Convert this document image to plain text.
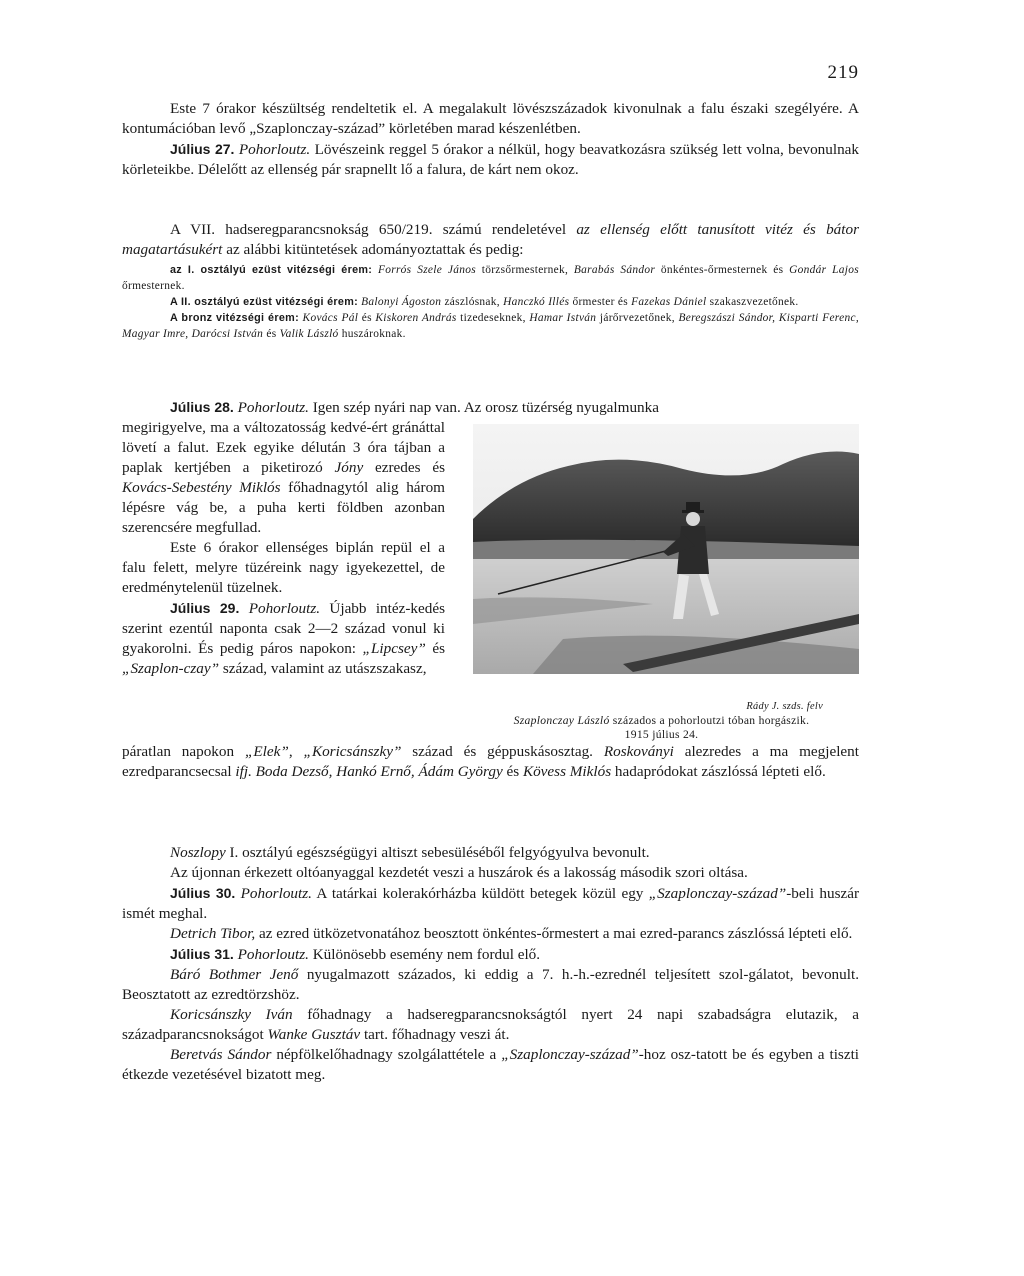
219

Este 7 órakor készültség rendeltetik el. A megalakult lövészszázadok kivonulnak a falu északi szegélyére. A kontumációban levő „Szaplonczay-század” körletében marad készenlétben.

Július 27. Pohorloutz. Lövészeink reggel 5 órakor a nélkül, hogy beavatkozásra szükség lett volna, bevonulnak körleteikbe. Délelőtt az ellenség pár srapnellt lő a falura, de kárt nem okoz.

A VII. hadseregparancsnokság 650/219. számú rendeletével az ellenség előtt tanusított vitéz és bátor magatartásukért az alábbi kitüntetések adományoztattak és pedig:

az I. osztályú ezüst vitézségi érem: Forrós Szele János törzsőrmesternek, Barabás Sándor önkéntes-őrmesternek és Gondár Lajos őrmesternek.

A II. osztályú ezüst vitézségi érem: Balonyi Ágoston zászlósnak, Hanczkó Illés őrmester és Fazekas Dániel szakaszvezetőnek.

A bronz vitézségi érem: Kovács Pál és Kiskoren András tizedeseknek, Hamar István járőrvezetőnek, Beregszászi Sándor, Kisparti Ferenc, Magyar Imre, Darócsi István és Valik László huszároknak.

Július 28. Pohorloutz. Igen szép nyári nap van. Az orosz tüzérség nyugalmunka

Rády J. szds. felv
Szaplonczay László százados a pohorloutzi tóban horgászik.
1915 július 24.

megirigyelve, ma a változatosság kedvé-ért gránáttal lövetí a falut. Ezek egyike délután 3 óra tájban a paplak kertjében a piketirozó Jóny ezredes és Kovács-Sebestény Miklós főhadnagytól alig három lépésre vág be, a puha kerti földben azonban szerencsére megfullad.

Este 6 órakor ellenséges biplán repül el a falu felett, melyre tüzéreink nagy igyekezettel, de eredménytelenül tüzelnek.

Július 29. Pohorloutz. Újabb intéz-kedés szerint ezentúl naponta csak 2—2 század vonul ki gyakorolni. És pedig páros napokon: „Lipcsey” és „Szaplon-czay” század, valamint az utászszakasz,

páratlan napokon „Elek”, „Koricsánszky” század és géppuskásosztag. Roskoványi alezredes a ma megjelent ezredparancsecsal ifj. Boda Dezső, Hankó Ernő, Ádám György és Kövess Miklós hadapródokat zászlóssá lépteti elő.

Noszlopy I. osztályú egészségügyi altiszt sebesüléséből felgyógyulva bevonult.

Az újonnan érkezett oltóanyaggal kezdetét veszi a huszárok és a lakosság második szori oltása.

Július 30. Pohorloutz. A tatárkai kolerakórházba küldött betegek közül egy „Szaplonczay-század”-beli huszár ismét meghal.

Detrich Tibor, az ezred ütközetvonatához beosztott önkéntes-őrmestert a mai ezred-parancs zászlóssá lépteti elő.

Július 31. Pohorloutz. Különösebb esemény nem fordul elő.

Báró Bothmer Jenő nyugalmazott százados, ki eddig a 7. h.-h.-ezrednél teljesített szol-gálatot, bevonult. Beosztatott az ezredtörzshöz.

Koricsánszky Iván főhadnagy a hadseregparancsnokságtól nyert 24 napi szabadságra elutazik, a századparancsnokságot Wanke Gusztáv tart. főhadnagy veszi át.

Beretvás Sándor népfölkelőhadnagy szolgálattétele a „Szaplonczay-század”-hoz osz-tatott be és egyben a tiszti étkezde vezetésével bizatott meg.
